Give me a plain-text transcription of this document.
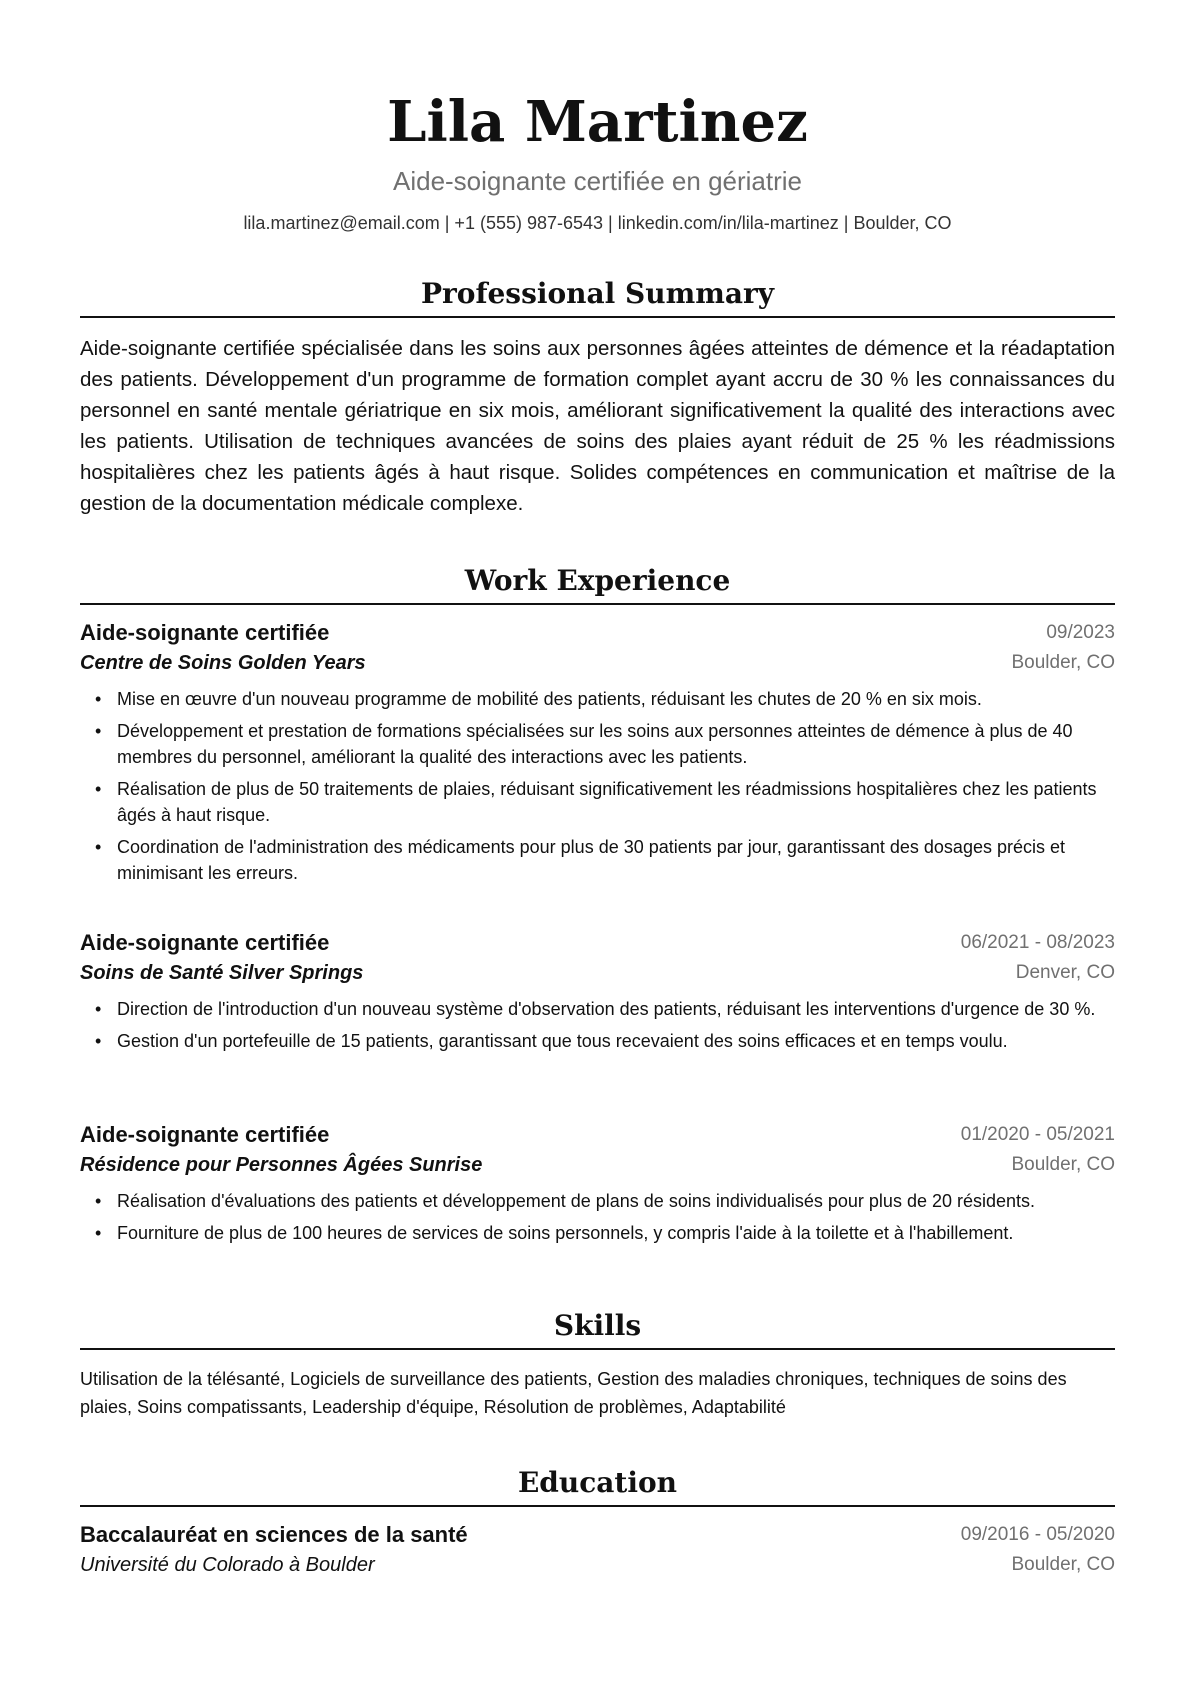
Lila Martinez
Aide-soignante certifiée en gériatrie
lila.martinez@email.com | +1 (555) 987-6543 | linkedin.com/in/lila-martinez | Boulder, CO
Professional Summary

Aide-soignante certifiée spécialisée dans les soins aux personnes âgées atteintes de démence et la réadaptation des patients. Développement d'un programme de formation complet ayant accru de 30 % les connaissances du personnel en santé mentale gériatrique en six mois, améliorant significativement la qualité des interactions avec les patients. Utilisation de techniques avancées de soins des plaies ayant réduit de 25 % les réadmissions hospitalières chez les patients âgés à haut risque. Solides compétences en communication et maîtrise de la gestion de la documentation médicale complexe.

Work Experience
Aide-soignante certifiée	09/2023
Centre de Soins Golden Years	Boulder, CO
• Mise en œuvre d'un nouveau programme de mobilité des patients, réduisant les chutes de 20 % en six mois.
• Développement et prestation de formations spécialisées sur les soins aux personnes atteintes de démence à plus de 40 membres du personnel, améliorant la qualité des interactions avec les patients.
• Réalisation de plus de 50 traitements de plaies, réduisant significativement les réadmissions hospitalières chez les patients âgés à haut risque.
• Coordination de l'administration des médicaments pour plus de 30 patients par jour, garantissant des dosages précis et minimisant les erreurs.
Aide-soignante certifiée	06/2021 - 08/2023
Soins de Santé Silver Springs	Denver, CO
• Direction de l'introduction d'un nouveau système d'observation des patients, réduisant les interventions d'urgence de 30 %.
• Gestion d'un portefeuille de 15 patients, garantissant que tous recevaient des soins efficaces et en temps voulu.
Aide-soignante certifiée	01/2020 - 05/2021
Résidence pour Personnes Âgées Sunrise	Boulder, CO
• Réalisation d'évaluations des patients et développement de plans de soins individualisés pour plus de 20 résidents.
• Fourniture de plus de 100 heures de services de soins personnels, y compris l'aide à la toilette et à l'habillement.
Skills

Utilisation de la télésanté, Logiciels de surveillance des patients, Gestion des maladies chroniques, techniques de soins des plaies, Soins compatissants, Leadership d'équipe, Résolution de problèmes, Adaptabilité

Education
Baccalauréat en sciences de la santé	09/2016 - 05/2020
Université du Colorado à Boulder	Boulder, CO
